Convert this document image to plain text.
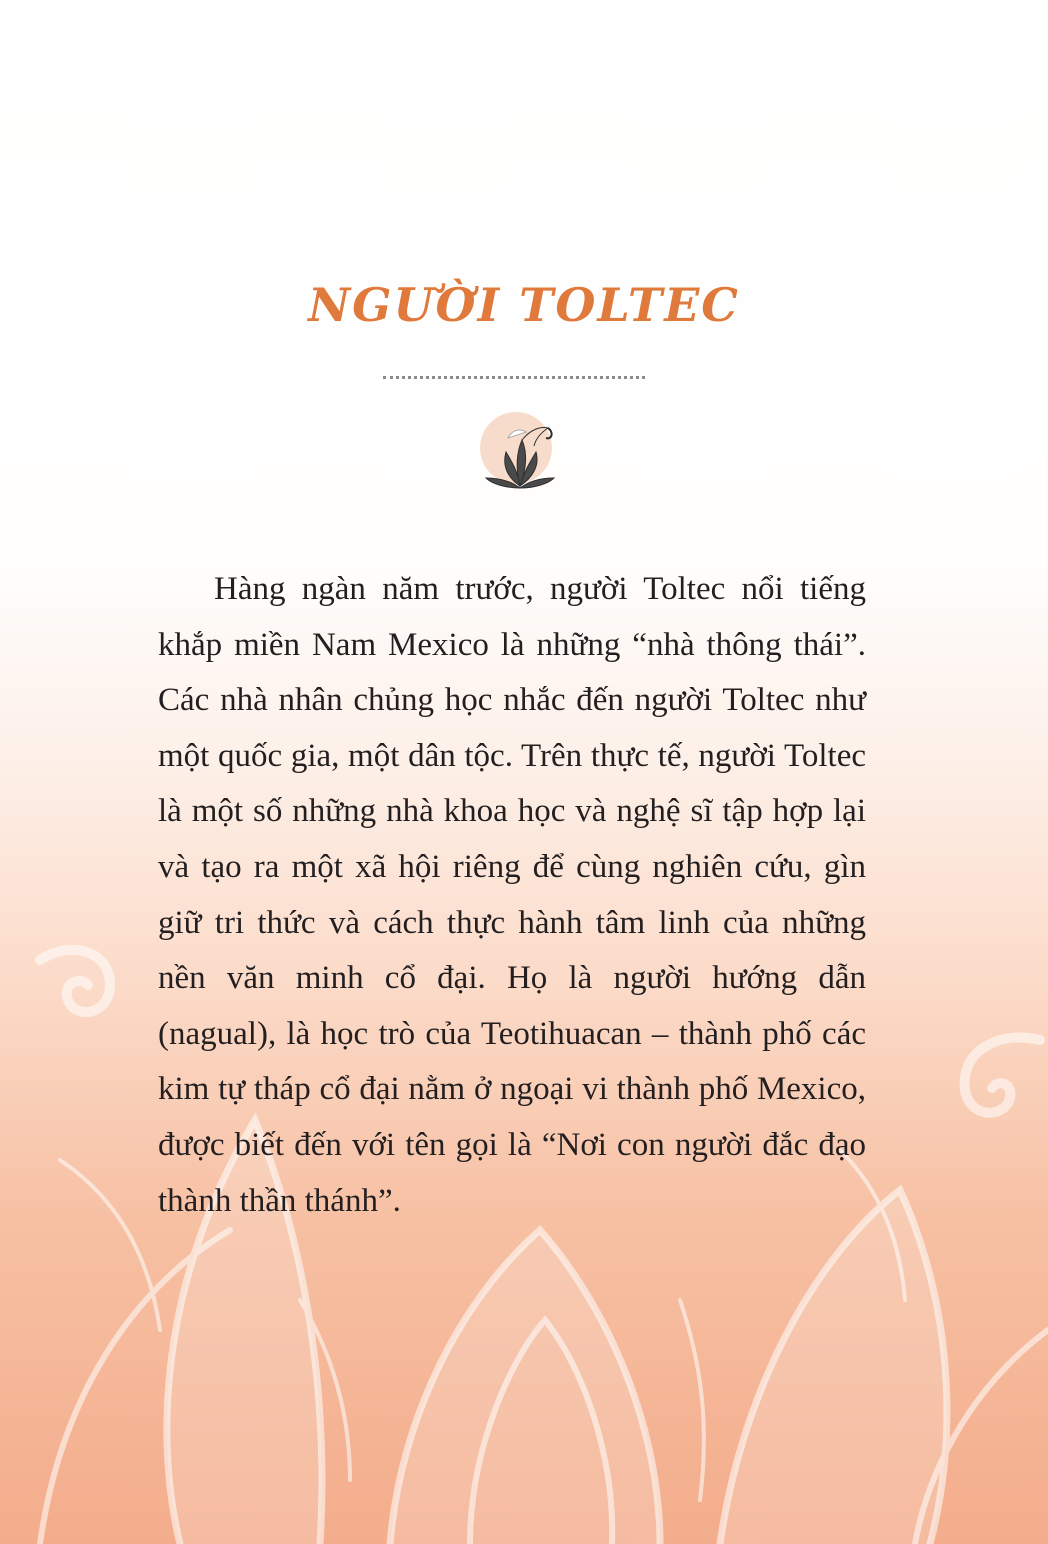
NGƯỜI TOLTEC

Hàng ngàn năm trước, người Toltec nổi tiếng khắp miền Nam Mexico là những “nhà thông thái”. Các nhà nhân chủng học nhắc đến người Toltec như một quốc gia, một dân tộc. Trên thực tế, người Toltec là một số những nhà khoa học và nghệ sĩ tập hợp lại và tạo ra một xã hội riêng để cùng nghiên cứu, gìn giữ tri thức và cách thực hành tâm linh của những nền văn minh cổ đại. Họ là người hướng dẫn (nagual), là học trò của Teotihuacan – thành phố các kim tự tháp cổ đại nằm ở ngoại vi thành phố Mexico, được biết đến với tên gọi là “Nơi con người đắc đạo thành thần thánh”.
